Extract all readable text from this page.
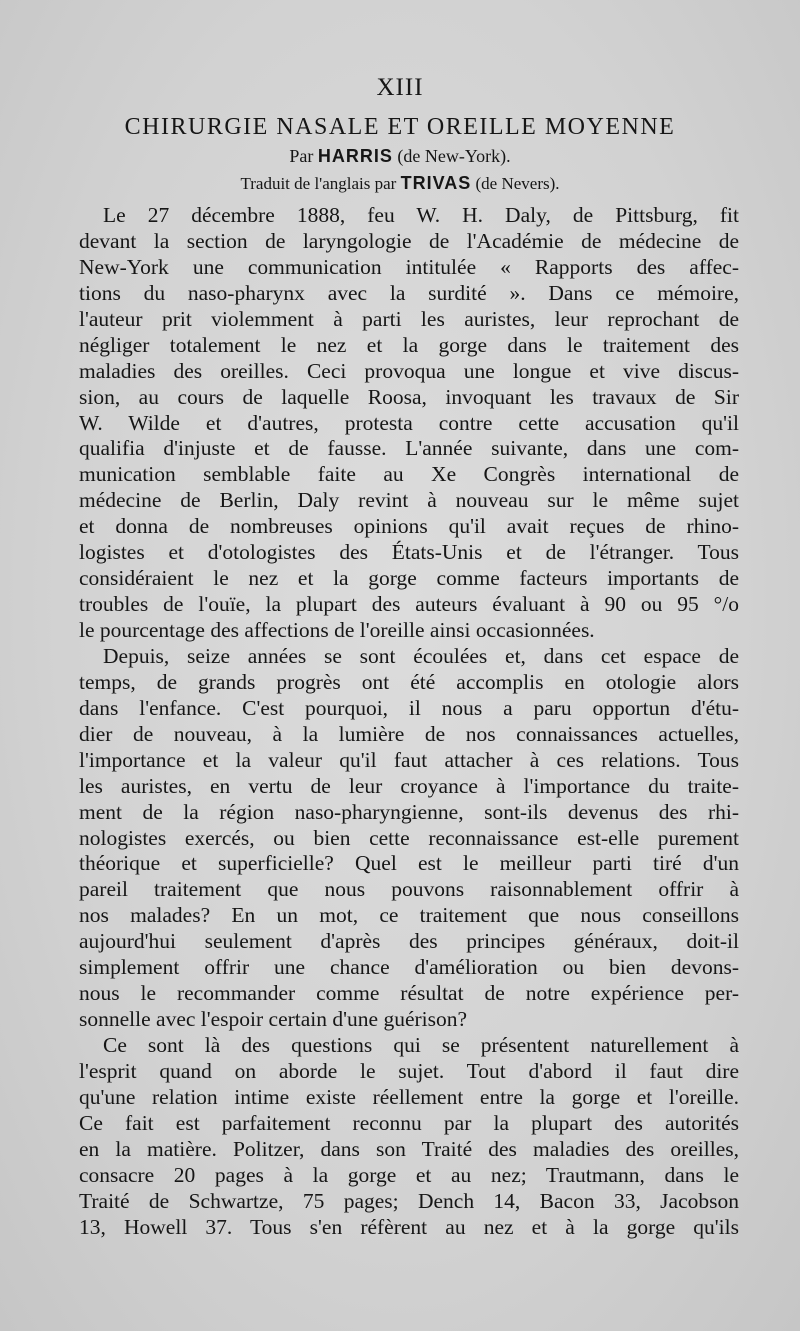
XIII
CHIRURGIE NASALE ET OREILLE MOYENNE
Par HARRIS (de New-York).
Traduit de l'anglais par TRIVAS (de Nevers).
Le 27 décembre 1888, feu W. H. Daly, de Pittsburg, fit
devant la section de laryngologie de l'Académie de médecine de
New-York une communication intitulée « Rapports des affec-
tions du naso-pharynx avec la surdité ». Dans ce mémoire,
l'auteur prit violemment à parti les auristes, leur reprochant de
négliger totalement le nez et la gorge dans le traitement des
maladies des oreilles. Ceci provoqua une longue et vive discus-
sion, au cours de laquelle Roosa, invoquant les travaux de Sir
W. Wilde et d'autres, protesta contre cette accusation qu'il
qualifia d'injuste et de fausse. L'année suivante, dans une com-
munication semblable faite au Xe Congrès international de
médecine de Berlin, Daly revint à nouveau sur le même sujet
et donna de nombreuses opinions qu'il avait reçues de rhino-
logistes et d'otologistes des États-Unis et de l'étranger. Tous
considéraient le nez et la gorge comme facteurs importants de
troubles de l'ouïe, la plupart des auteurs évaluant à 90 ou 95 °/o
le pourcentage des affections de l'oreille ainsi occasionnées.
Depuis, seize années se sont écoulées et, dans cet espace de
temps, de grands progrès ont été accomplis en otologie alors
dans l'enfance. C'est pourquoi, il nous a paru opportun d'étu-
dier de nouveau, à la lumière de nos connaissances actuelles,
l'importance et la valeur qu'il faut attacher à ces relations. Tous
les auristes, en vertu de leur croyance à l'importance du traite-
ment de la région naso-pharyngienne, sont-ils devenus des rhi-
nologistes exercés, ou bien cette reconnaissance est-elle purement
théorique et superficielle? Quel est le meilleur parti tiré d'un
pareil traitement que nous pouvons raisonnablement offrir à
nos malades? En un mot, ce traitement que nous conseillons
aujourd'hui seulement d'après des principes généraux, doit-il
simplement offrir une chance d'amélioration ou bien devons-
nous le recommander comme résultat de notre expérience per-
sonnelle avec l'espoir certain d'une guérison?
Ce sont là des questions qui se présentent naturellement à
l'esprit quand on aborde le sujet. Tout d'abord il faut dire
qu'une relation intime existe réellement entre la gorge et l'oreille.
Ce fait est parfaitement reconnu par la plupart des autorités
en la matière. Politzer, dans son Traité des maladies des oreilles,
consacre 20 pages à la gorge et au nez; Trautmann, dans le
Traité de Schwartze, 75 pages; Dench 14, Bacon 33, Jacobson
13, Howell 37. Tous s'en réfèrent au nez et à la gorge qu'ils
